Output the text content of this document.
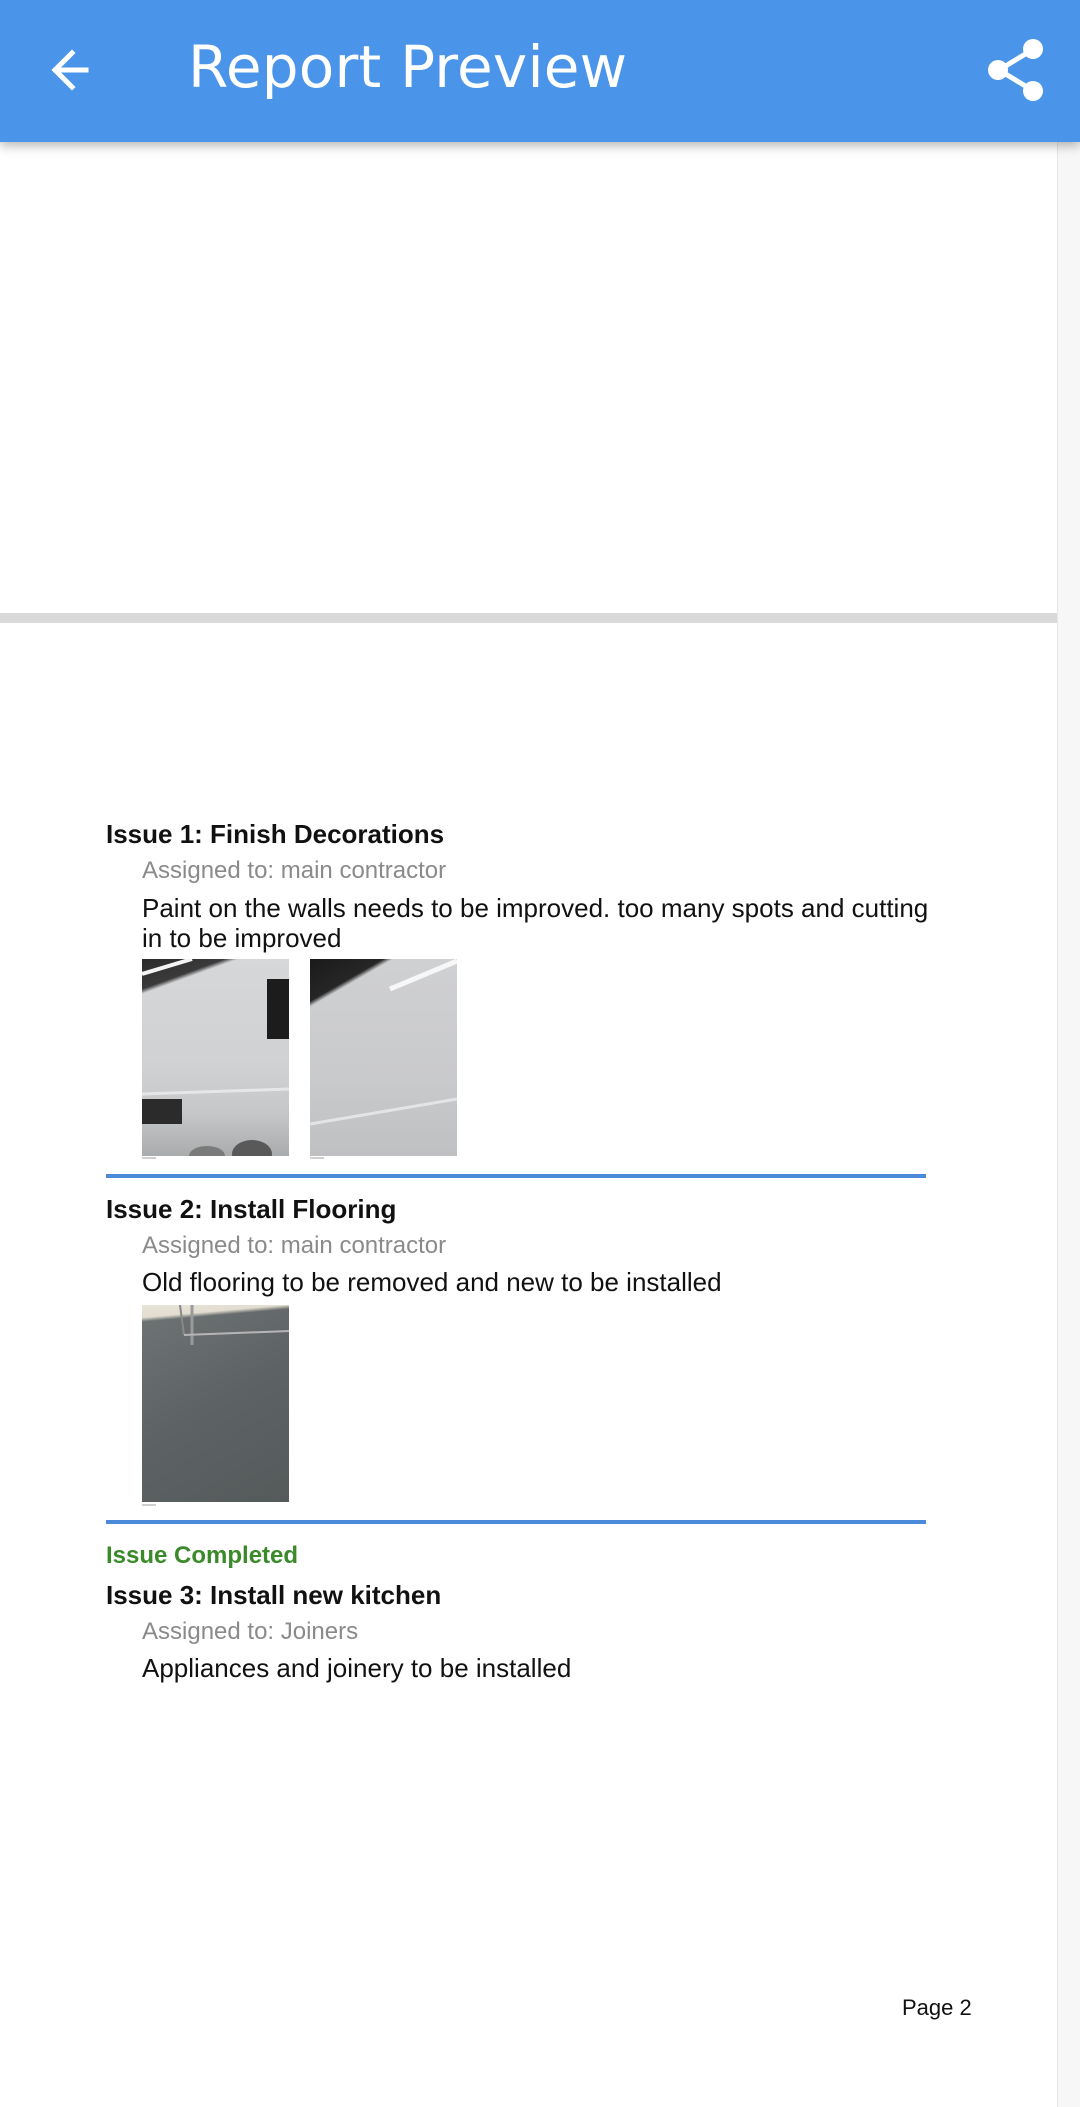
Report Preview
Issue 1: Finish Decorations
Assigned to: main contractor
Paint on the walls needs to be improved. too many spots and cutting in to be improved
Issue 2: Install Flooring
Assigned to: main contractor
Old flooring to be removed and new to be installed
Issue Completed
Issue 3: Install new kitchen
Assigned to: Joiners
Appliances and joinery to be installed
Page 2
